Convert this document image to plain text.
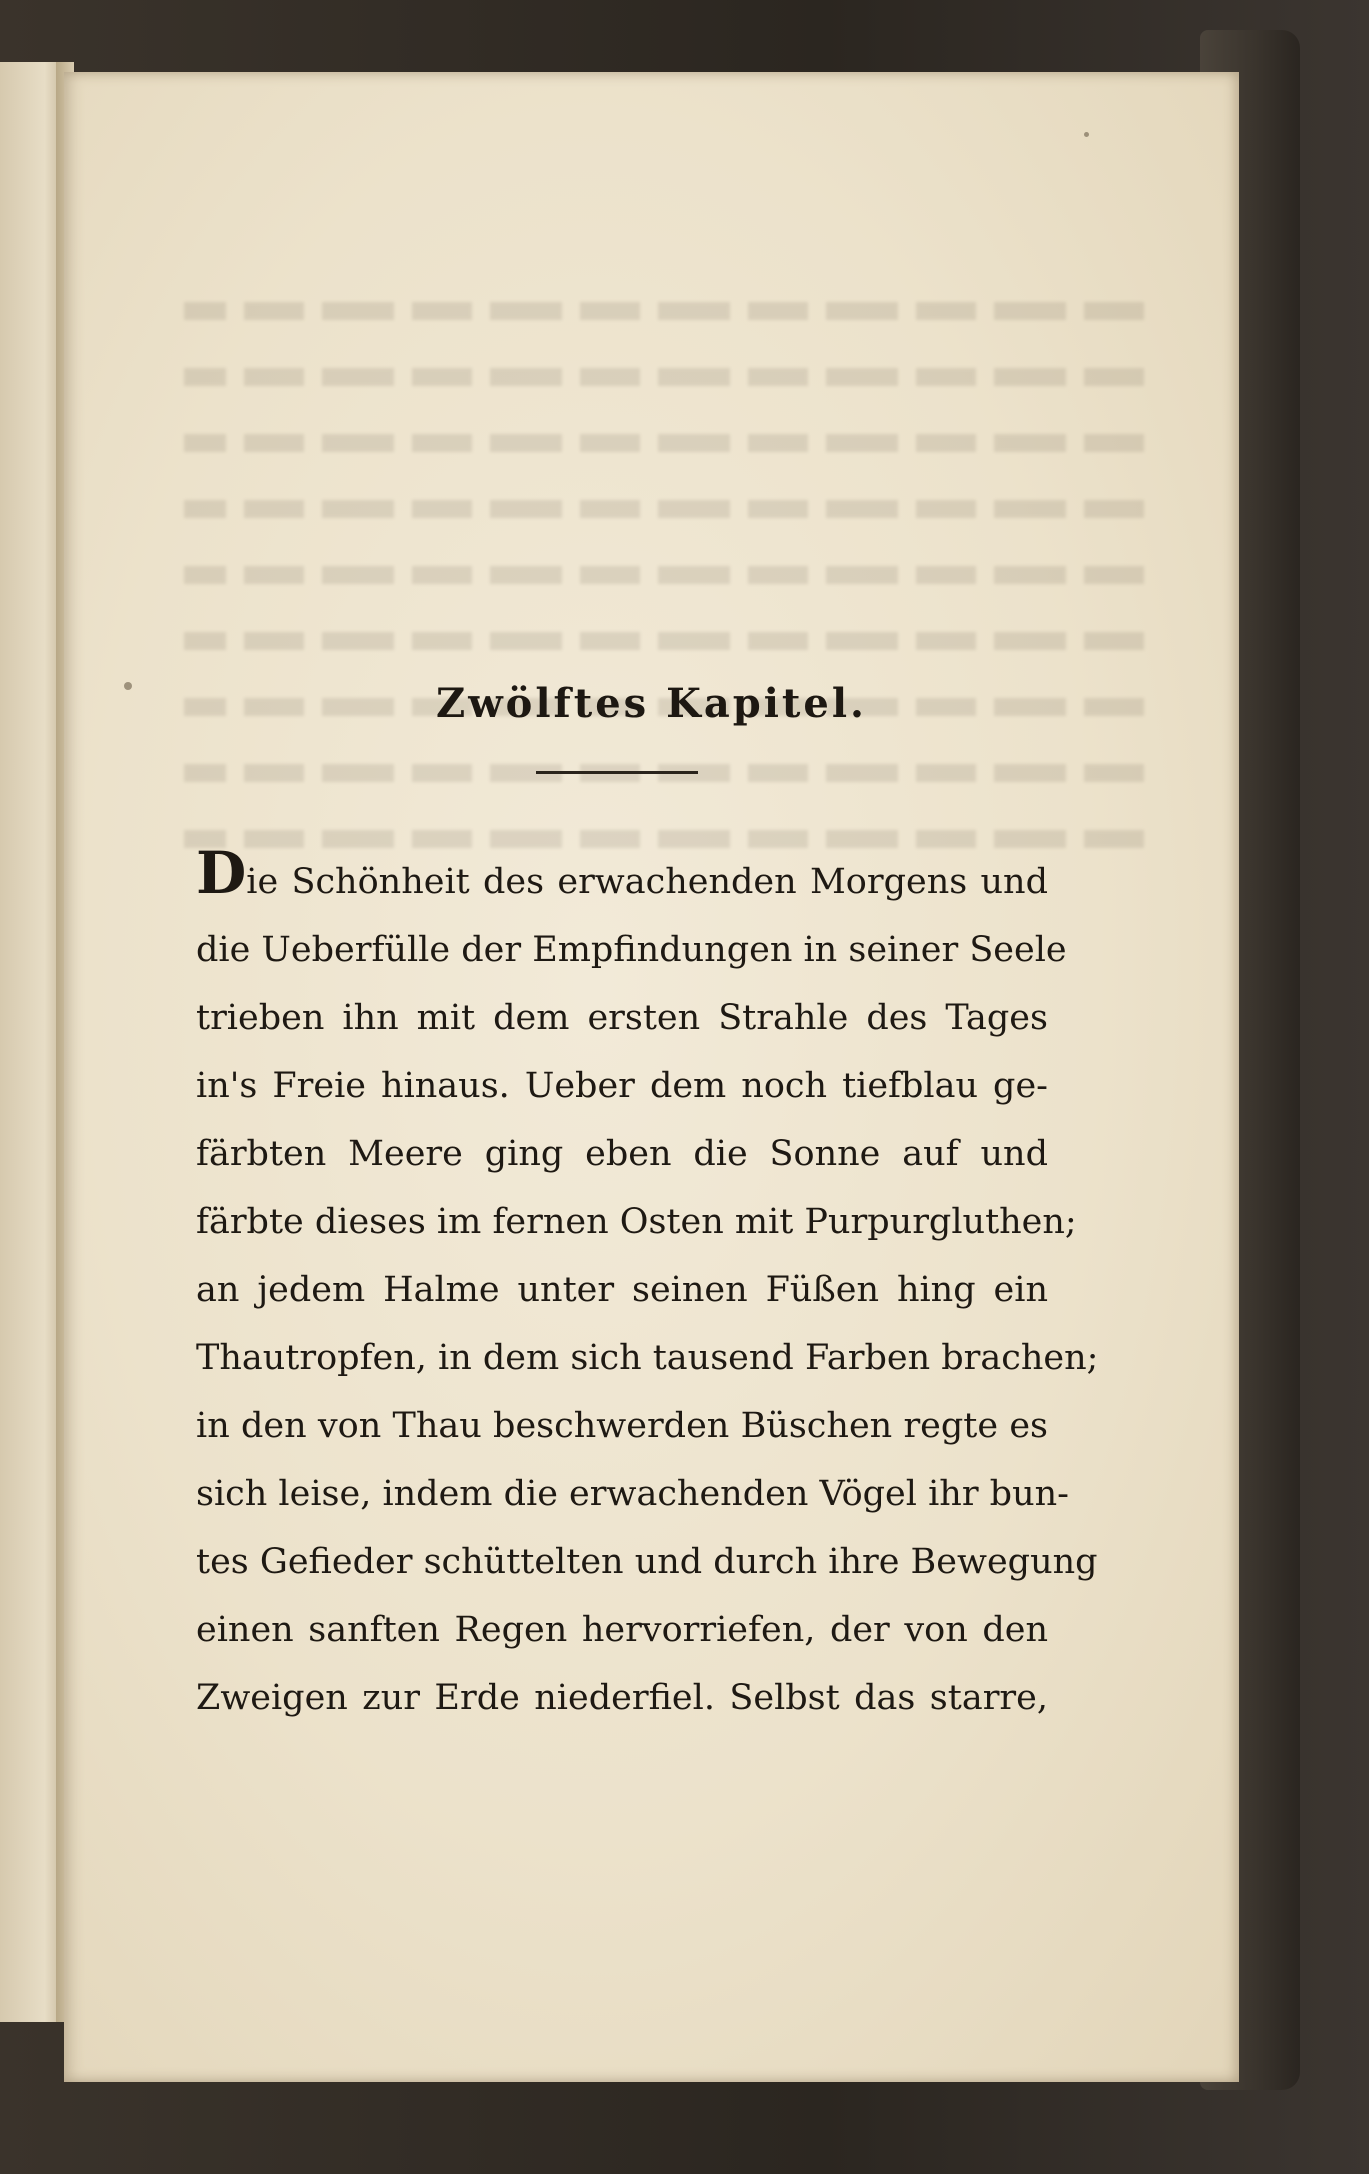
Zwölftes Kapitel.
Die Schönheit des erwachenden Morgens und
die Ueberfülle der Empfindungen in seiner Seele
trieben ihn mit dem ersten Strahle des Tages
in's Freie hinaus. Ueber dem noch tiefblau ge-
färbten Meere ging eben die Sonne auf und
färbte dieses im fernen Osten mit Purpurgluthen;
an jedem Halme unter seinen Füßen hing ein
Thautropfen, in dem sich tausend Farben brachen;
in den von Thau beschwerden Büschen regte es
sich leise, indem die erwachenden Vögel ihr bun-
tes Gefieder schüttelten und durch ihre Bewegung
einen sanften Regen hervorriefen, der von den
Zweigen zur Erde niederfiel. Selbst das starre,
